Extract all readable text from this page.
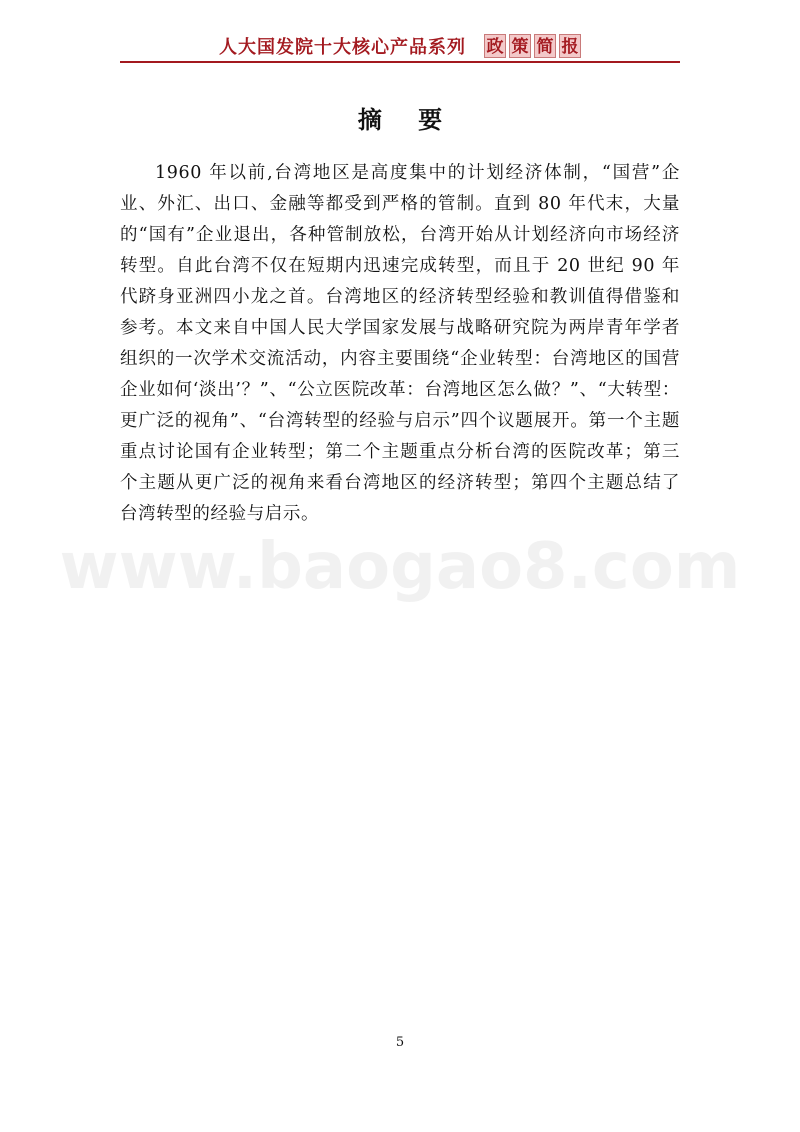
人大国发院十大核心产品系列 政 策 简 报
摘 要
1960 年以前,台湾地区是高度集中的计划经济体制，“国营”企业、外汇、出口、金融等都受到严格的管制。直到 80 年代末，大量的“国有”企业退出，各种管制放松，台湾开始从计划经济向市场经济转型。自此台湾不仅在短期内迅速完成转型，而且于 20 世纪 90 年代跻身亚洲四小龙之首。台湾地区的经济转型经验和教训值得借鉴和参考。本文来自中国人民大学国家发展与战略研究院为两岸青年学者组织的一次学术交流活动，内容主要围绕“企业转型：台湾地区的国营企业如何‘淡出’？”、“公立医院改革：台湾地区怎么做？”、“大转型：更广泛的视角”、“台湾转型的经验与启示”四个议题展开。第一个主题重点讨论国有企业转型；第二个主题重点分析台湾的医院改革；第三个主题从更广泛的视角来看台湾地区的经济转型；第四个主题总结了台湾转型的经验与启示。
www.baogao8.com
5
